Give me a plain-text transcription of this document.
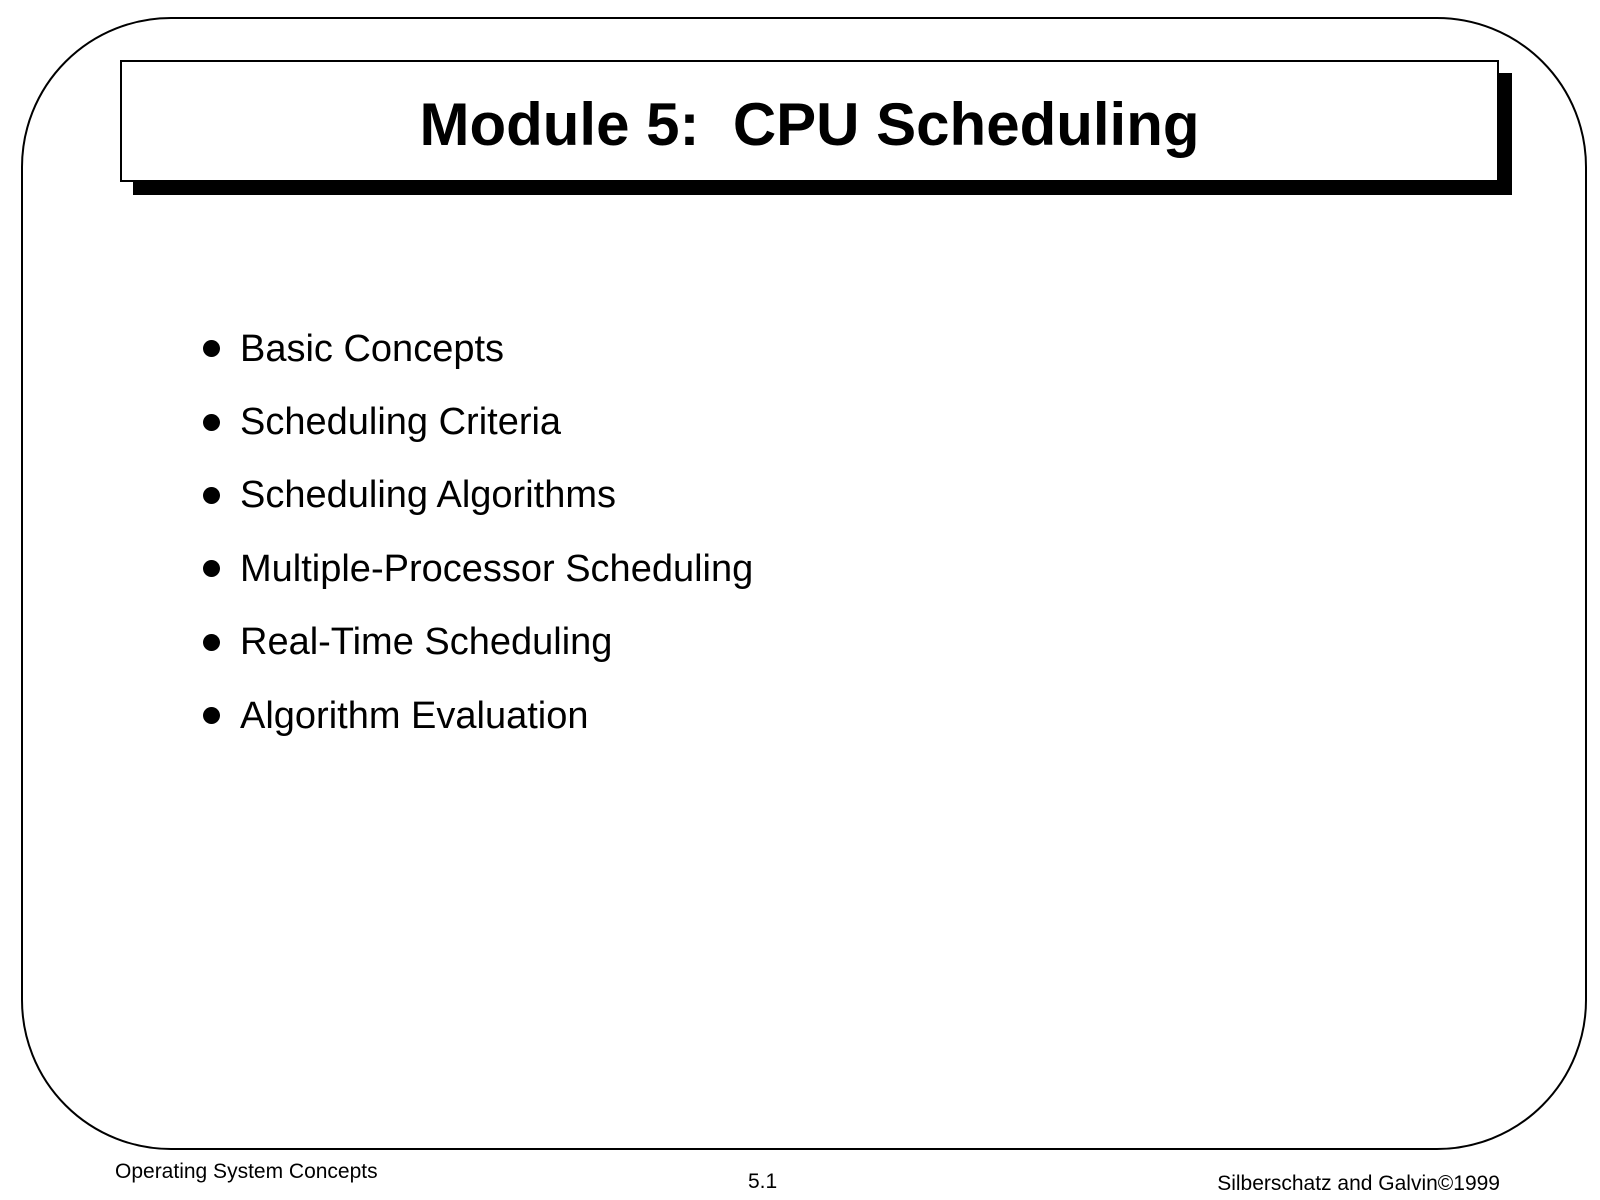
Module 5:  CPU Scheduling
Basic Concepts
Scheduling Criteria
Scheduling Algorithms
Multiple-Processor Scheduling
Real-Time Scheduling
Algorithm Evaluation
Operating System Concepts	5.1	Silberschatz and Galvin©1999
